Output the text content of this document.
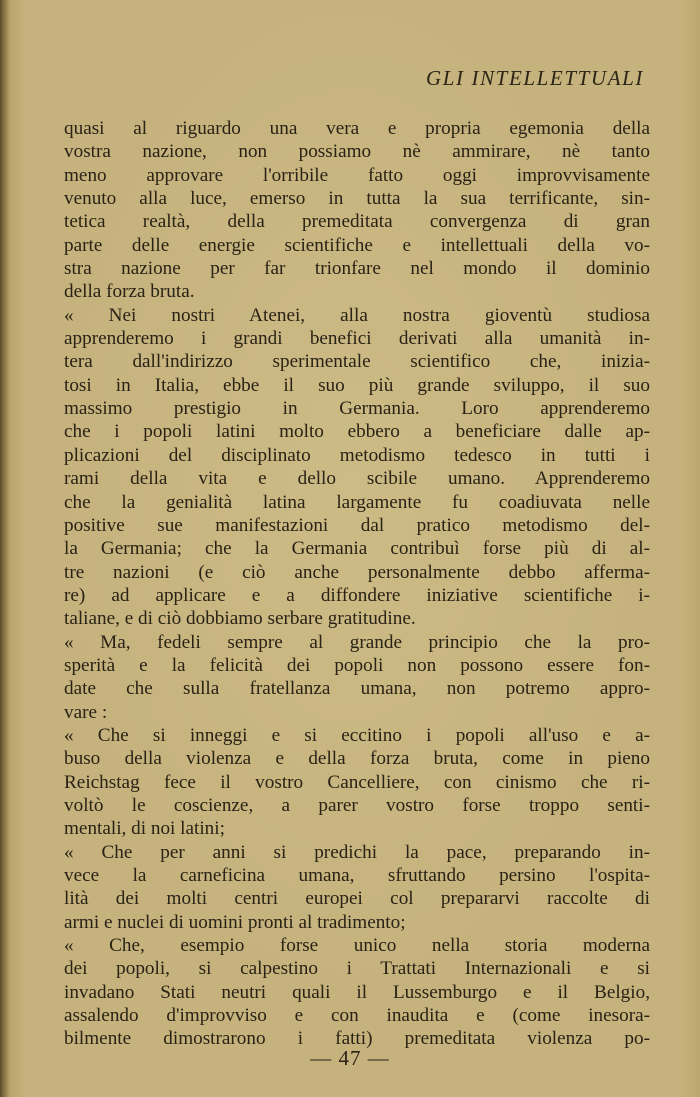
GLI INTELLETTUALI
quasi al riguardo una vera e propria egemonia della
vostra nazione, non possiamo nè ammirare, nè tanto
meno approvare l'orribile fatto oggi improvvisamente
venuto alla luce, emerso in tutta la sua terrificante, sin-
tetica realtà, della premeditata convergenza di gran
parte delle energie scientifiche e intellettuali della vo-
stra nazione per far trionfare nel mondo il dominio
della forza bruta.
« Nei nostri Atenei, alla nostra gioventù studiosa
apprenderemo i grandi benefici derivati alla umanità in-
tera dall'indirizzo sperimentale scientifico che, inizia-
tosi in Italia, ebbe il suo più grande sviluppo, il suo
massimo prestigio in Germania. Loro apprenderemo
che i popoli latini molto ebbero a beneficiare dalle ap-
plicazioni del disciplinato metodismo tedesco in tutti i
rami della vita e dello scibile umano. Apprenderemo
che la genialità latina largamente fu coadiuvata nelle
positive sue manifestazioni dal pratico metodismo del-
la Germania; che la Germania contribuì forse più di al-
tre nazioni (e ciò anche personalmente debbo affermа-
re) ad applicare e a diffondere iniziative scientifiche i-
taliane, e di ciò dobbiamo serbare gratitudine.
« Ma, fedeli sempre al grande principio che la pro-
sperità e la felicità dei popoli non possono essere fon-
date che sulla fratellanza umana, non potremo appro-
vare :
« Che si inneggi e si eccitino i popoli all'uso e a-
buso della violenza e della forza bruta, come in pieno
Reichstag fece il vostro Cancelliere, con cinismo che ri-
voltò le coscienze, a parer vostro forse troppo senti-
mentali, di noi latini;
« Che per anni si predichi la pace, preparando in-
vece la carneficina umana, sfruttando persino l'ospita-
lità dei molti centri europei col prepararvi raccolte di
armi e nuclei di uomini pronti al tradimento;
« Che, esempio forse unico nella storia moderna
dei popoli, si calpestino i Trattati Internazionali e si
invadano Stati neutri quali il Lussemburgo e il Belgio,
assalendo d'improvviso e con inaudita e (come inesora-
bilmente dimostrarono i fatti) premeditata violenza po-
— 47 —
